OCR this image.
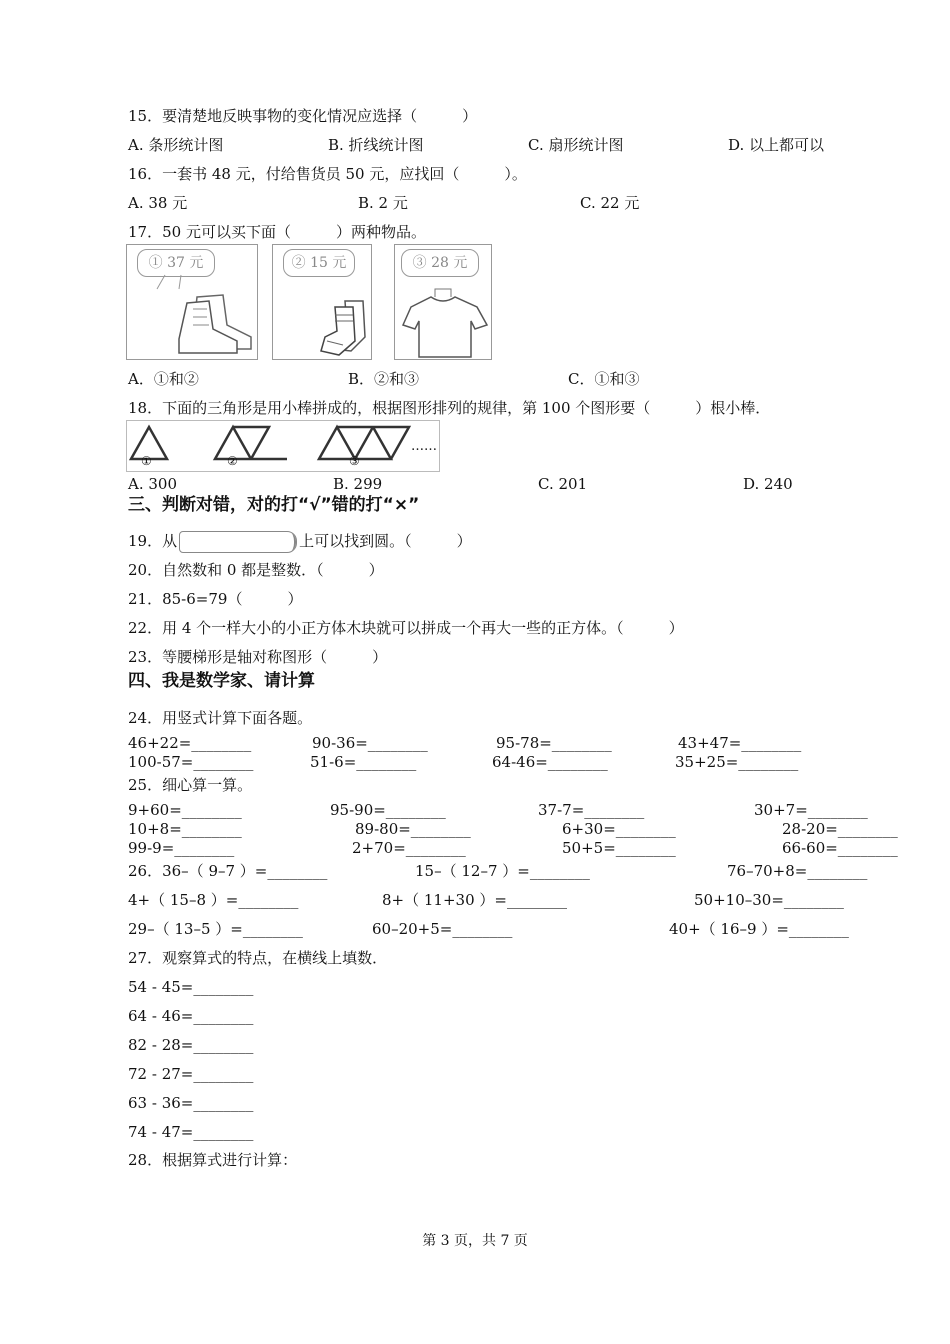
15．要清楚地反映事物的变化情况应选择（　　　）
A. 条形统计图	B. 折线统计图	C. 扇形统计图	D. 以上都可以
16．一套书 48 元，付给售货员 50 元，应找回（　　　）。
A. 38 元	B. 2 元	C. 22 元
17．50 元可以买下面（　　　）两种物品。
① 37 元	② 15 元	③ 28 元
A．①和②	B．②和③	C．①和③
18．下面的三角形是用小棒拼成的，根据图形排列的规律，第 100 个图形要（　　　）根小棒．
①	②	③
……
A. 300	B. 299	C. 201	D. 240
三、判断对错，对的打“√”错的打“×”
19．从	上可以找到圆。（　　　）
20．自然数和 0 都是整数．（　　　）
21．85-6=79（　　　）
22．用 4 个一样大小的小正方体木块就可以拼成一个再大一些的正方体。（　　　）
23．等腰梯形是轴对称图形（　　　）
四、我是数学家、请计算
24．用竖式计算下面各题。
46+22=________	90-36=________	95-78=________	43+47=________
100-57=________	51-6=________	64-46=________	35+25=________
25．细心算一算。
9+60=________	95-90=________	37-7=________	30+7=________
10+8=________	89-80=________	6+30=________	28-20=________
99-9=________	2+70=________	50+5=________	66-60=________
26．36–（ 9–7 ）=________	15–（ 12–7 ）=________	76–70+8=________
4+（ 15–8 ）=________	8+（ 11+30 ）=________	50+10–30=________
29–（ 13–5 ）=________	60–20+5=________	40+（ 16–9 ）=________
27．观察算式的特点，在横线上填数．
54 - 45=________
64 - 46=________
82 - 28=________
72 - 27=________
63 - 36=________
74 - 47=________
28．根据算式进行计算：
第 3 页，共 7 页
